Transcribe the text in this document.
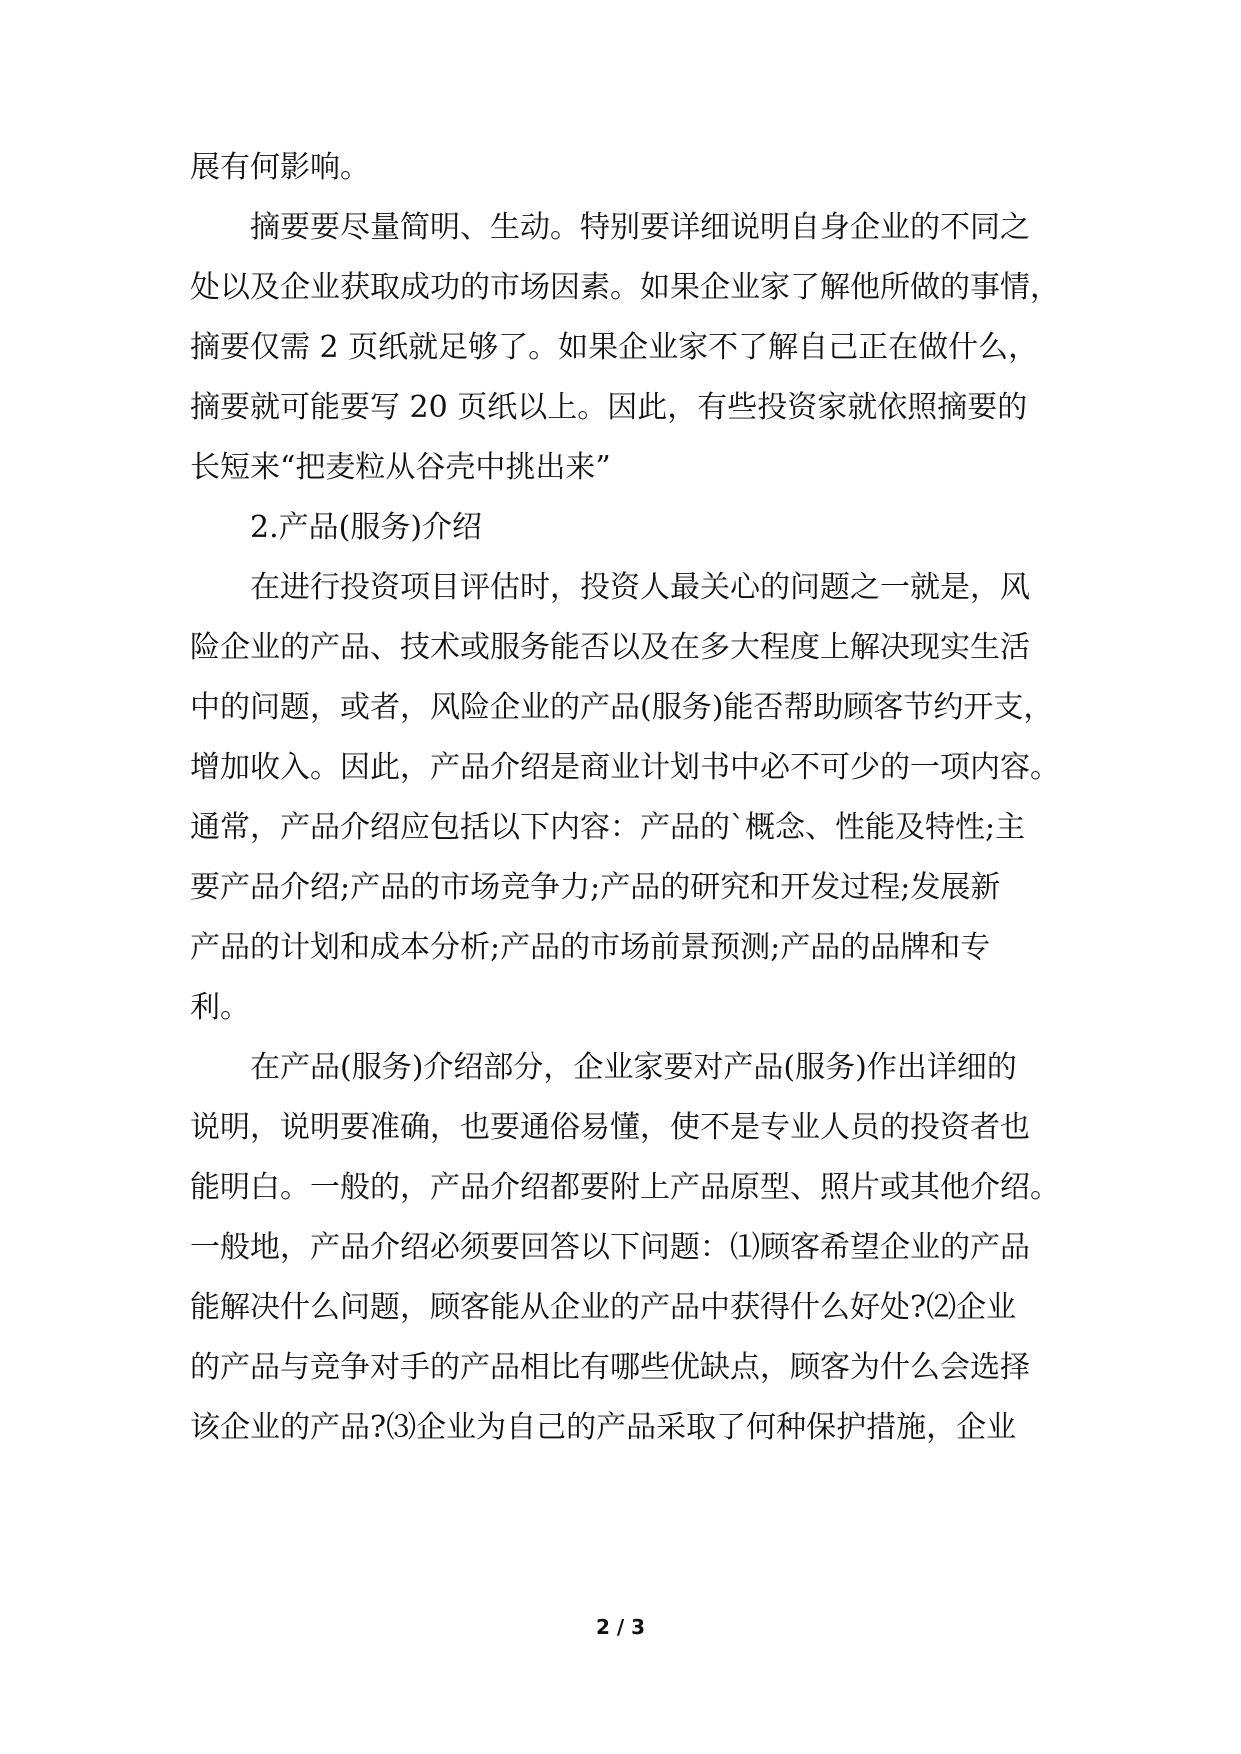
展有何影响。
摘要要尽量简明、生动。特别要详细说明自身企业的不同之
处以及企业获取成功的市场因素。如果企业家了解他所做的事情，
摘要仅需 2 页纸就足够了。如果企业家不了解自己正在做什么，
摘要就可能要写 20 页纸以上。因此，有些投资家就依照摘要的
长短来“把麦粒从谷壳中挑出来”
2.产品(服务)介绍
在进行投资项目评估时，投资人最关心的问题之一就是，风
险企业的产品、技术或服务能否以及在多大程度上解决现实生活
中的问题，或者，风险企业的产品(服务)能否帮助顾客节约开支，
增加收入。因此，产品介绍是商业计划书中必不可少的一项内容。
通常，产品介绍应包括以下内容：产品的`概念、性能及特性;主
要产品介绍;产品的市场竞争力;产品的研究和开发过程;发展新
产品的计划和成本分析;产品的市场前景预测;产品的品牌和专
利。
在产品(服务)介绍部分，企业家要对产品(服务)作出详细的
说明，说明要准确，也要通俗易懂，使不是专业人员的投资者也
能明白。一般的，产品介绍都要附上产品原型、照片或其他介绍。
一般地，产品介绍必须要回答以下问题：⑴顾客希望企业的产品
能解决什么问题，顾客能从企业的产品中获得什么好处?⑵企业
的产品与竞争对手的产品相比有哪些优缺点，顾客为什么会选择
该企业的产品?⑶企业为自己的产品采取了何种保护措施，企业
2 / 3
